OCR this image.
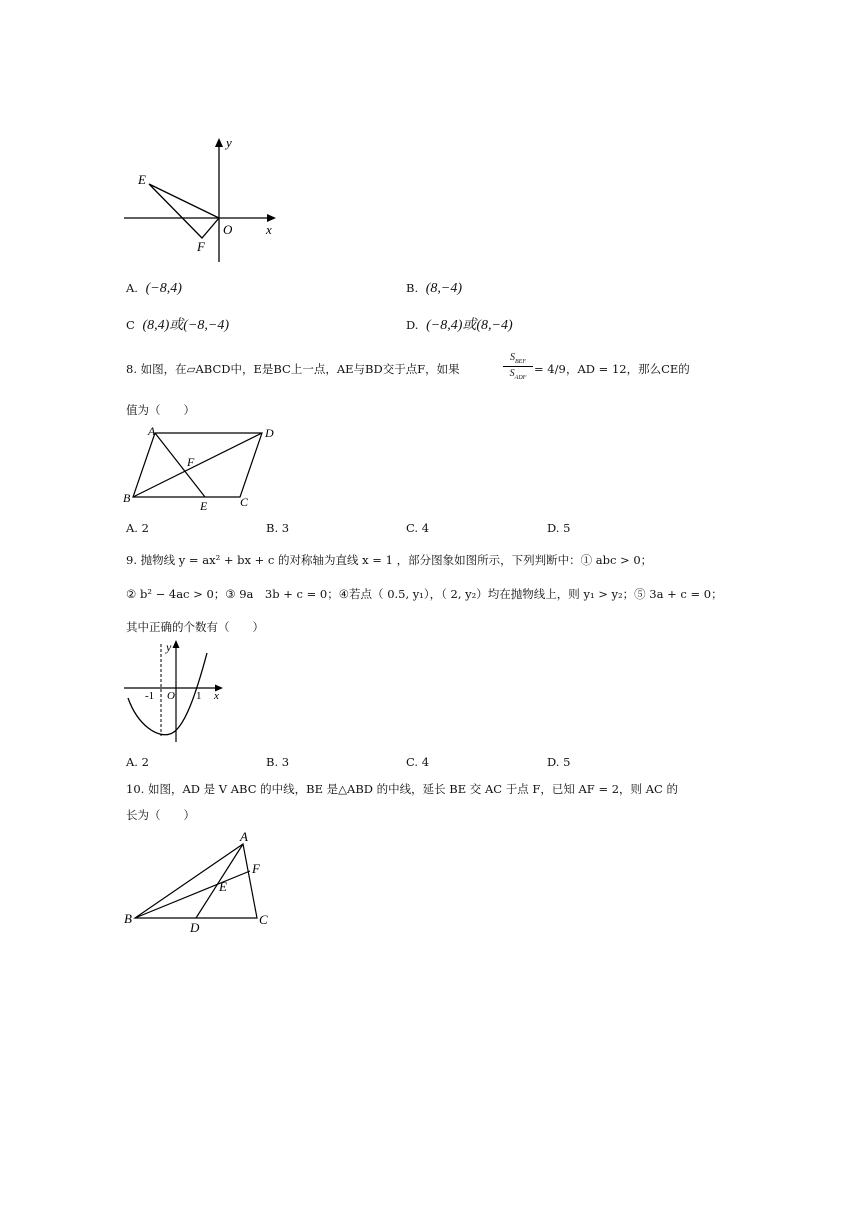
y
x
E
O
F
A. (−8,4)	B. (8,−4)
C (8,4)或(−8,−4)	D. (−8,4)或(8,−4)
8. 如图，在▱ABCD中，E是BC上一点，AE与BD交于点F，如果
$S_{BEF}$
$S_{ADF}$
= 4/9 ，AD = 12，那么CE的
值为（　　）
A	D
F
B
E	C
A. 2	B. 3	C. 4	D. 5
9. 抛物线 y = ax² + bx + c 的对称轴为直线 x = 1 ，部分图象如图所示，下列判断中：① abc > 0；
② b² − 4ac > 0；③ 9a　3b + c = 0；④若点（ 0.5, y₁），（ 2, y₂）均在抛物线上，则 y₁ > y₂；⑤ 3a + c = 0；
其中正确的个数有（　　）
y
x
-1 O 1
A. 2	B. 3	C. 4	D. 5
10. 如图，AD 是 V ABC 的中线，BE 是△ABD 的中线，延长 BE 交 AC 于点 F，已知 AF = 2，则 AC 的
长为（　　）
A
F
E
B
D
C
